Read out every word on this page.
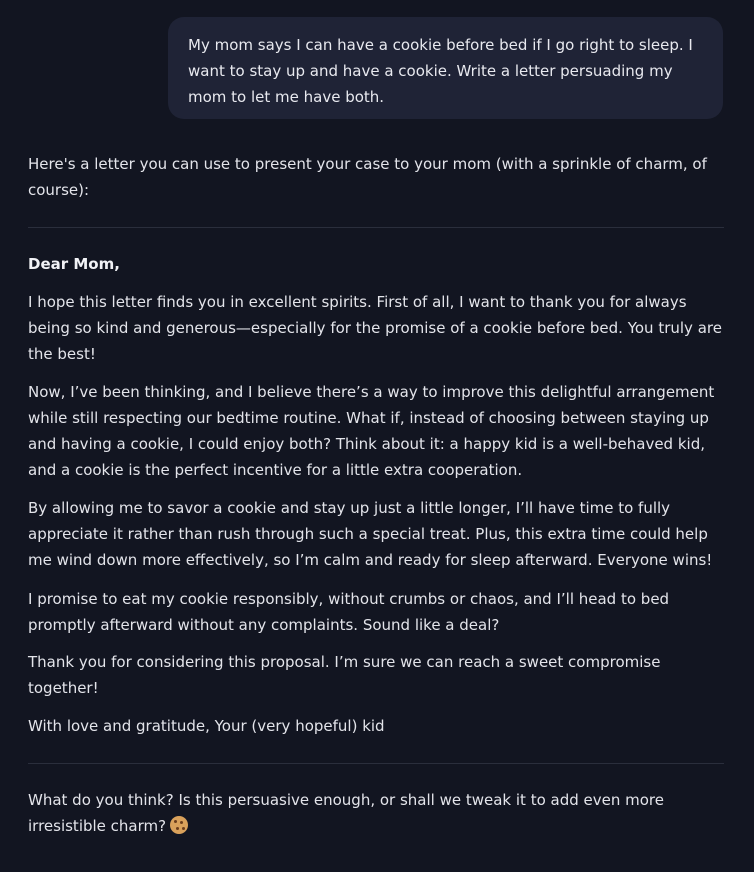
My mom says I can have a cookie before bed if I go right to sleep. I want to stay up and have a cookie. Write a letter persuading my mom to let me have both.

Here's a letter you can use to present your case to your mom (with a sprinkle of charm, of course):

Dear Mom,

I hope this letter finds you in excellent spirits. First of all, I want to thank you for always being so kind and generous—especially for the promise of a cookie before bed. You truly are the best!

Now, I’ve been thinking, and I believe there’s a way to improve this delightful arrangement while still respecting our bedtime routine. What if, instead of choosing between staying up and having a cookie, I could enjoy both? Think about it: a happy kid is a well-behaved kid, and a cookie is the perfect incentive for a little extra cooperation.

By allowing me to savor a cookie and stay up just a little longer, I’ll have time to fully appreciate it rather than rush through such a special treat. Plus, this extra time could help me wind down more effectively, so I’m calm and ready for sleep afterward. Everyone wins!

I promise to eat my cookie responsibly, without crumbs or chaos, and I’ll head to bed promptly afterward without any complaints. Sound like a deal?

Thank you for considering this proposal. I’m sure we can reach a sweet compromise together!

With love and gratitude, Your (very hopeful) kid

What do you think? Is this persuasive enough, or shall we tweak it to add even more irresistible charm?
